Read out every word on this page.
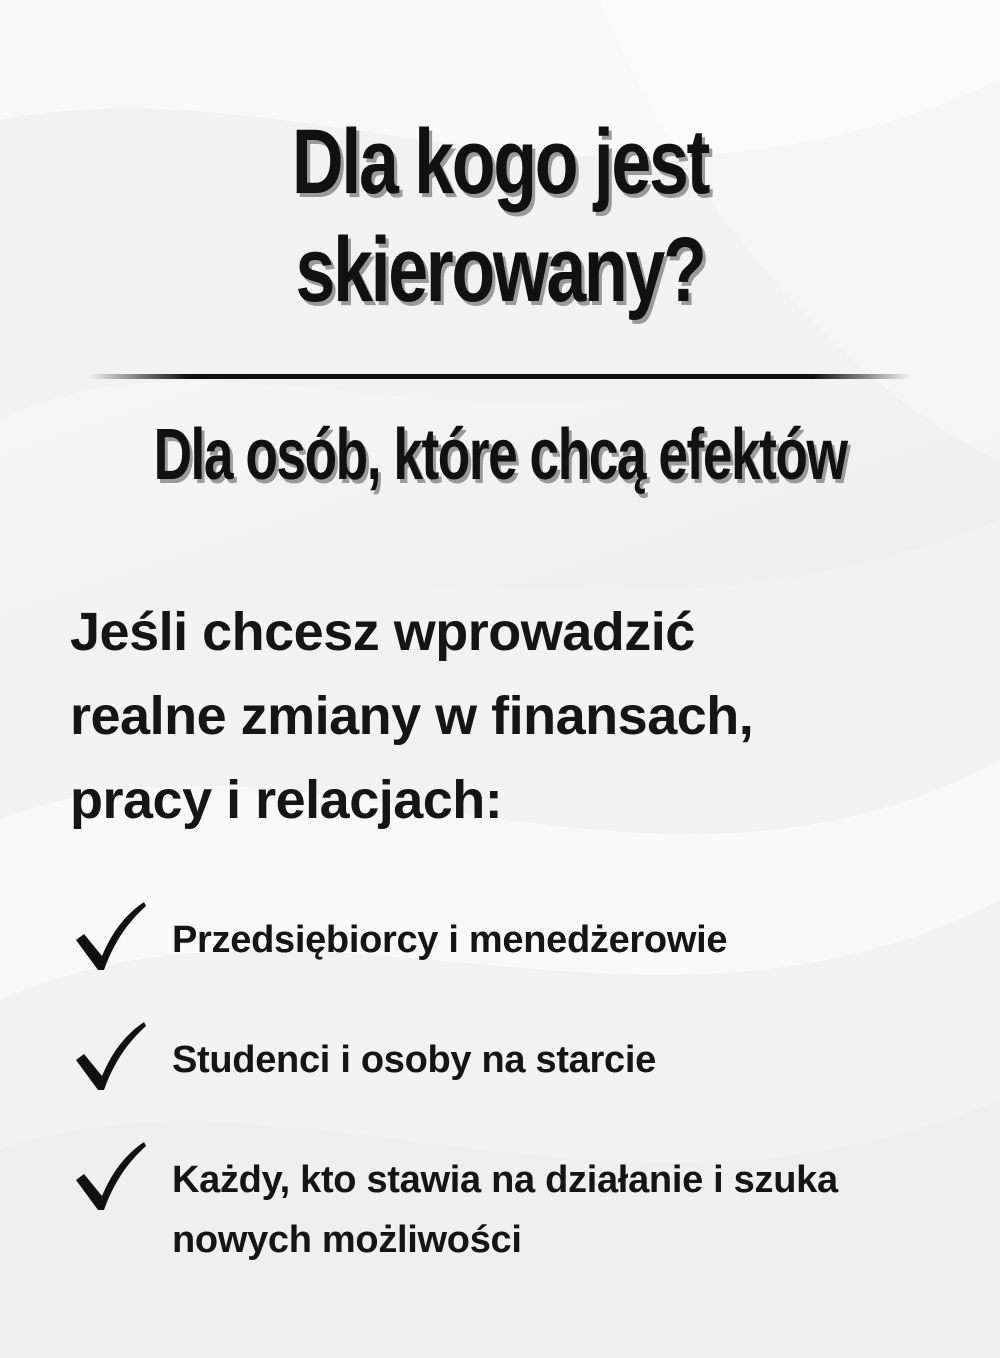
Dla kogo jest
skierowany?
Dla osób, które chcą efektów

Jeśli chcesz wprowadzić
realne zmiany w finansach,
pracy i relacjach:

Przedsiębiorcy i menedżerowie
Studenci i osoby na starcie
Każdy, kto stawia na działanie i szuka
nowych możliwości
